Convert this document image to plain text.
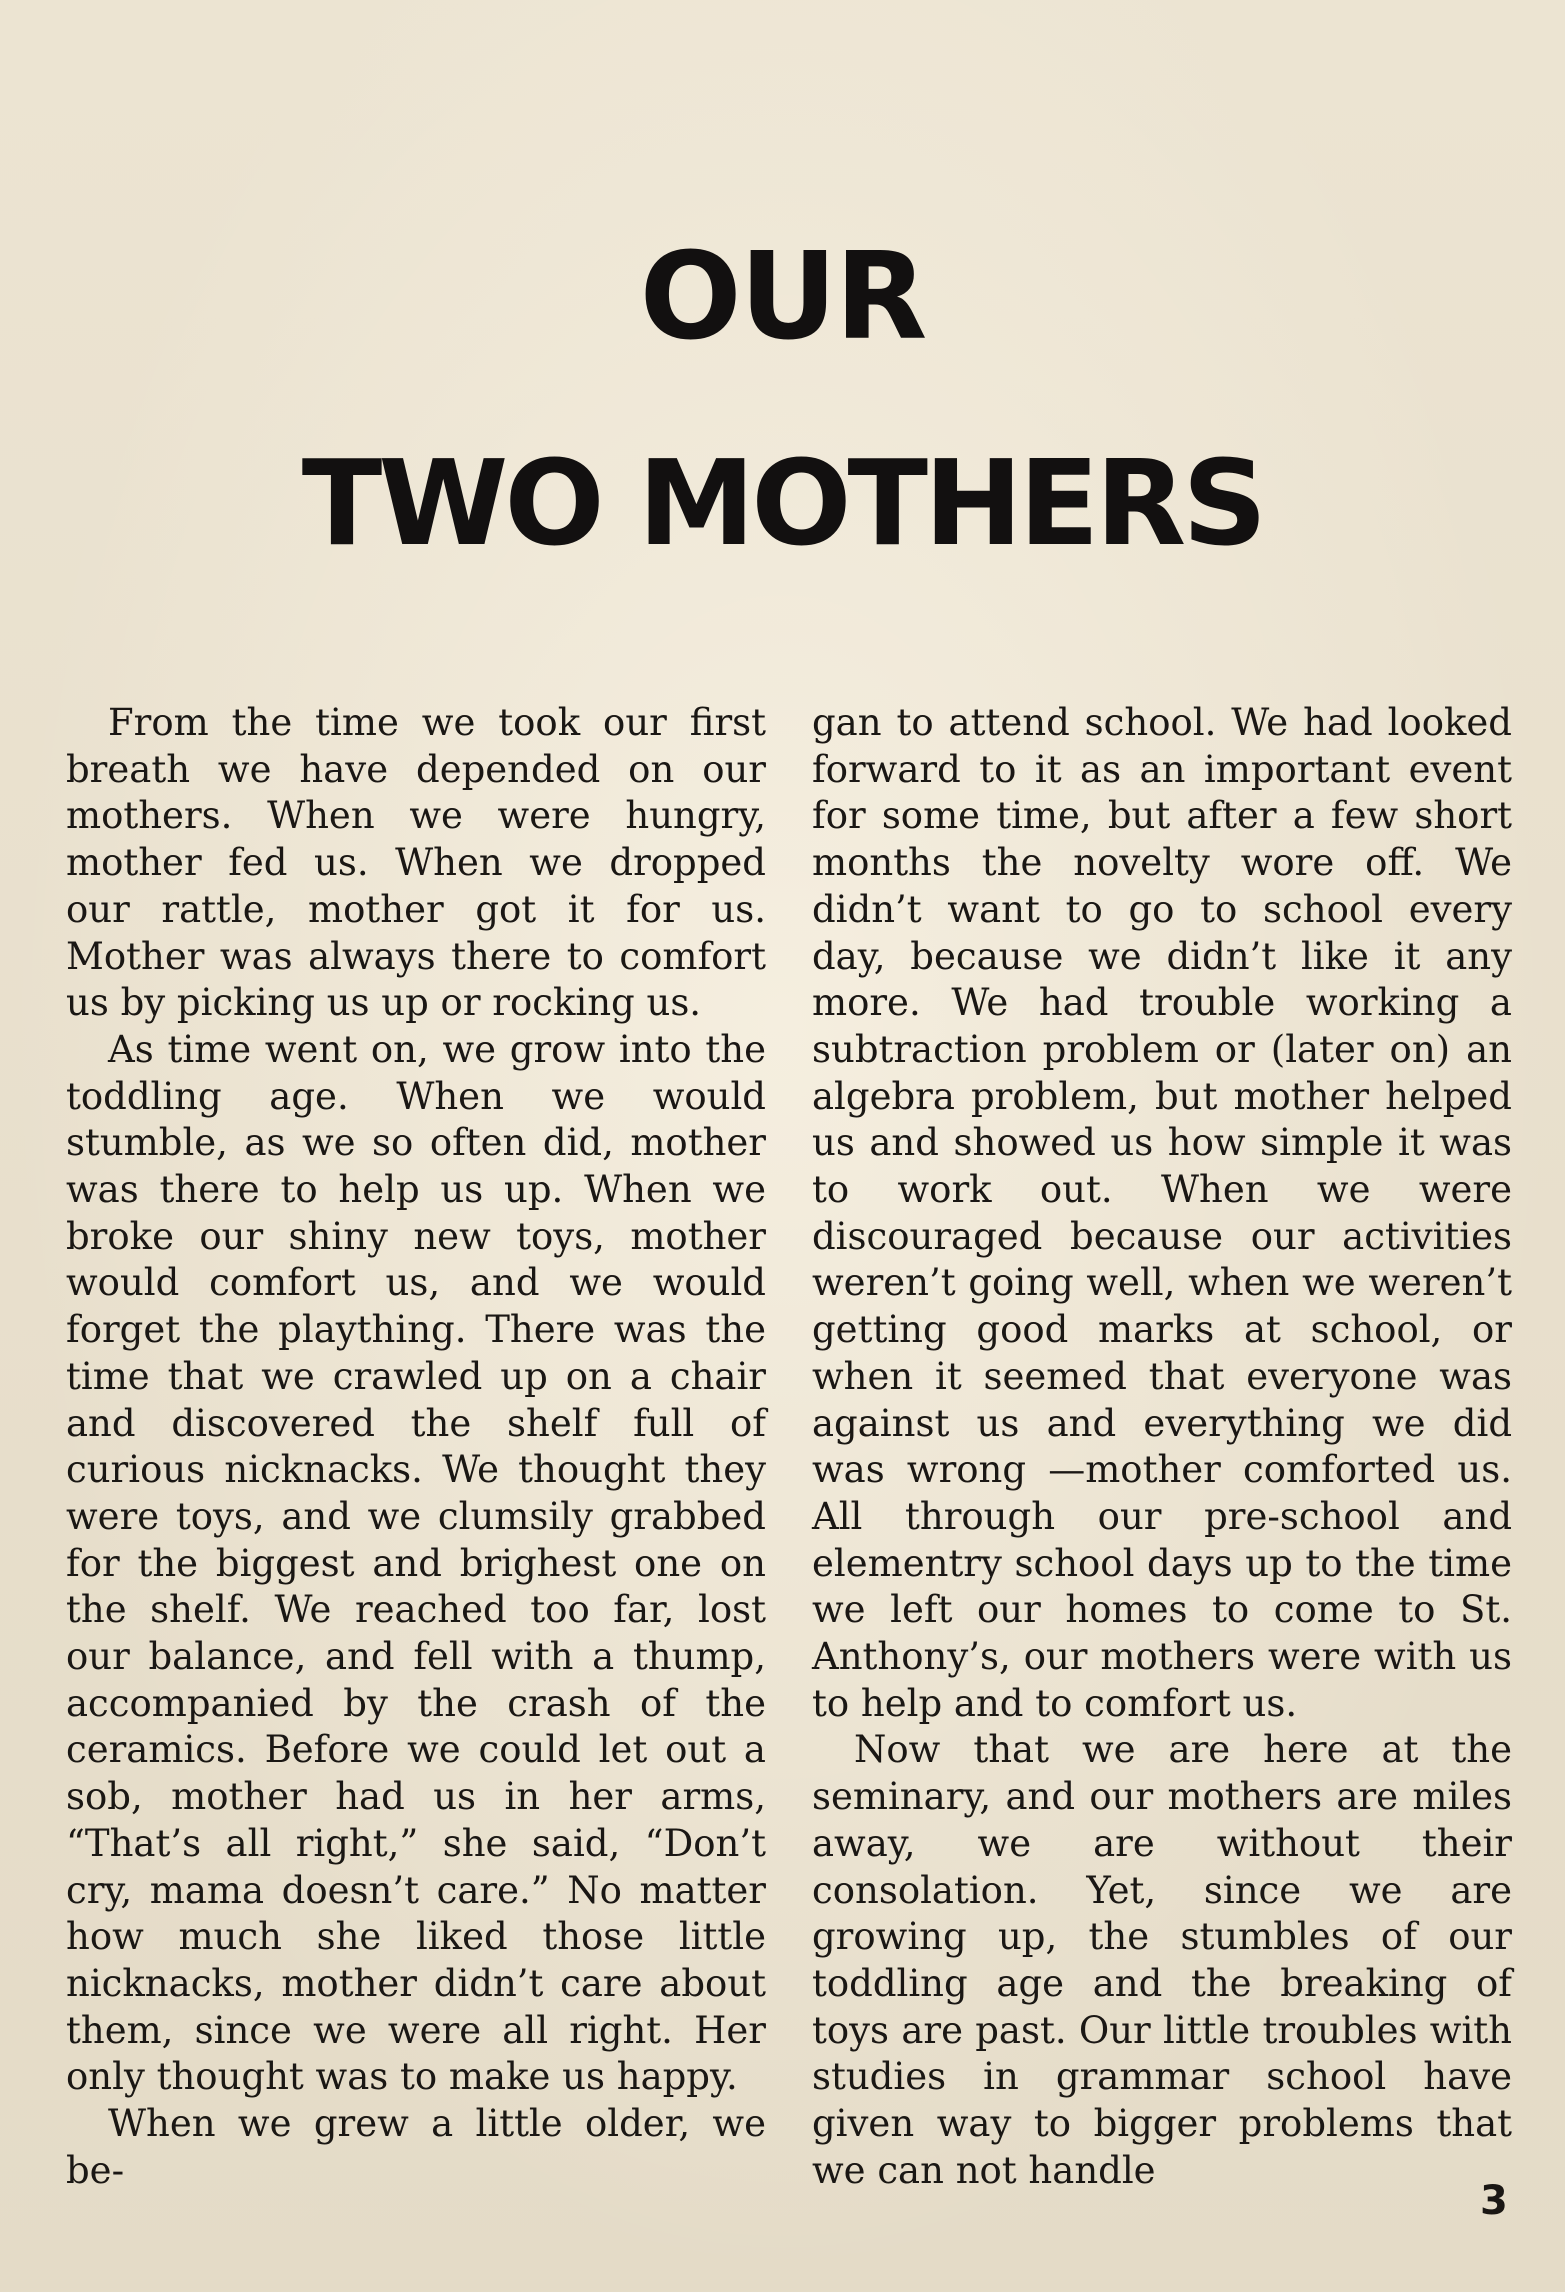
OUR
TWO MOTHERS

From the time we took our first breath we have depended on our mothers. When we were hungry, mother fed us. When we dropped our rattle, mother got it for us. Mother was always there to comfort us by picking us up or rocking us.

As time went on, we grow into the toddling age. When we would stumble, as we so often did, mother was there to help us up. When we broke our shiny new toys, mother would comfort us, and we would forget the plaything. There was the time that we crawled up on a chair and discovered the shelf full of curious nicknacks. We thought they were toys, and we clumsily grabbed for the biggest and brighest one on the shelf. We reached too far, lost our balance, and fell with a thump, accompanied by the crash of the ceramics. Before we could let out a sob, mother had us in her arms, “That’s all right,” she said, “Don’t cry, mama doesn’t care.” No matter how much she liked those little nicknacks, mother didn’t care about them, since we were all right. Her only thought was to make us happy.

When we grew a little older, we be-

gan to attend school. We had looked forward to it as an important event for some time, but after a few short months the novelty wore off. We didn’t want to go to school every day, because we didn’t like it any more. We had trouble working a subtraction problem or (later on) an algebra problem, but mother helped us and showed us how simple it was to work out. When we were discouraged because our activities weren’t going well, when we weren’t getting good marks at school, or when it seemed that everyone was against us and everything we did was wrong —mother comforted us. All through our pre-school and elementry school days up to the time we left our homes to come to St. Anthony’s, our mothers were with us to help and to comfort us.

Now that we are here at the seminary, and our mothers are miles away, we are without their consolation. Yet, since we are growing up, the stumbles of our toddling age and the breaking of toys are past. Our little troubles with studies in grammar school have given way to bigger problems that we can not handle

3
